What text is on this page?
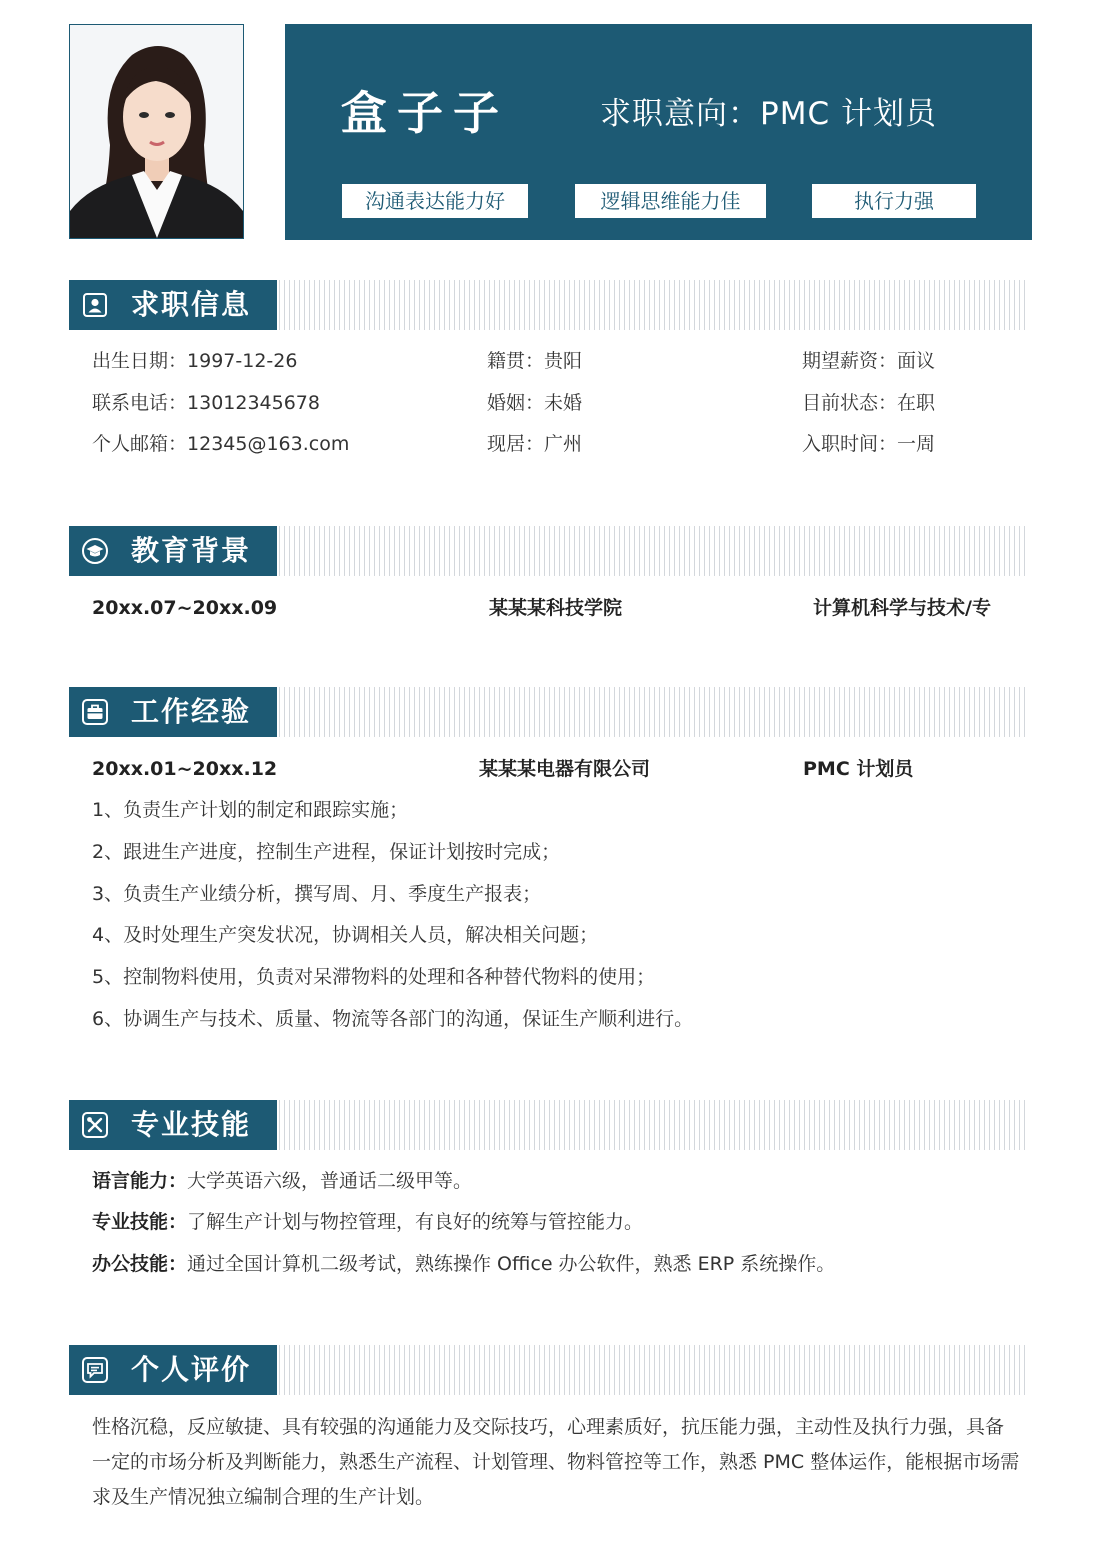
盒子子	求职意向：PMC 计划员
沟通表达能力好	逻辑思维能力佳	执行力强
求职信息
出生日期：1997-12-26	籍贯：贵阳	期望薪资：面议
联系电话：13012345678	婚姻：未婚	目前状态：在职
个人邮箱：12345@163.com	现居：广州	入职时间：一周
教育背景
20xx.07~20xx.09	某某某科技学院	计算机科学与技术/专
工作经验
20xx.01~20xx.12	某某某电器有限公司	PMC 计划员
1、负责生产计划的制定和跟踪实施；
2、跟进生产进度，控制生产进程，保证计划按时完成；
3、负责生产业绩分析，撰写周、月、季度生产报表；
4、及时处理生产突发状况，协调相关人员，解决相关问题；
5、控制物料使用，负责对呆滞物料的处理和各种替代物料的使用；
6、协调生产与技术、质量、物流等各部门的沟通，保证生产顺利进行。
专业技能
语言能力：大学英语六级，普通话二级甲等。
专业技能：了解生产计划与物控管理，有良好的统筹与管控能力。
办公技能：通过全国计算机二级考试，熟练操作 Office 办公软件，熟悉 ERP 系统操作。
个人评价
性格沉稳，反应敏捷、具有较强的沟通能力及交际技巧，心理素质好，抗压能力强，主动性及执行力强，具备一定的市场分析及判断能力，熟悉生产流程、计划管理、物料管控等工作，熟悉 PMC 整体运作，能根据市场需求及生产情况独立编制合理的生产计划。
